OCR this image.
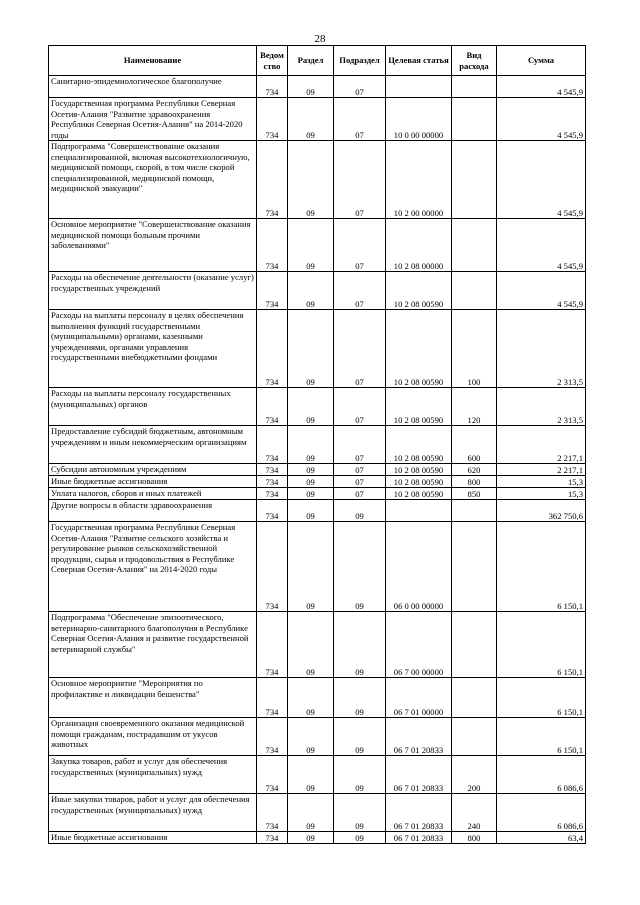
28
Наименование	Ведом ство	Раздел	Подраздел	Целевая статья	Вид расхода	Сумма
Санитарно-эпидемиологическое благополучие	734	09	07			4 545,9
Государственная программа Республики Северная Осетия-Алания "Развитие здравоохранения Республики Северная Осетия-Алания" на 2014-2020 годы	734	09	07	10 0 00 00000		4 545,9
Подпрограмма "Совершенствование оказания специализированной, включая высокотехнологичную, медицинской помощи, скорой, в том числе скорой специализированной, медицинской помощи, медицинской эвакуации"	734	09	07	10 2 00 00000		4 545,9
Основное мероприятие "Совершенствование оказания медицинской помощи больным прочими заболеваниями"	734	09	07	10 2 08 00000		4 545,9
Расходы на обеспечение деятельности (оказание услуг) государственных учреждений	734	09	07	10 2 08 00590		4 545,9
Расходы на выплаты персоналу в целях обеспечения выполнения функций государственными (муниципальными) органами, казенными учреждениями, органами управления государственными внебюджетными фондами	734	09	07	10 2 08 00590	100	2 313,5
Расходы на выплаты персоналу государственных (муниципальных) органов	734	09	07	10 2 08 00590	120	2 313,5
Предоставление субсидий бюджетным, автономным учреждениям и иным некоммерческим организациям	734	09	07	10 2 08 00590	600	2 217,1
Субсидии автономным учреждениям	734	09	07	10 2 08 00590	620	2 217,1
Иные бюджетные ассигнования	734	09	07	10 2 08 00590	800	15,3
Уплата налогов, сборов и иных платежей	734	09	07	10 2 08 00590	850	15,3
Другие вопросы в области здравоохранения	734	09	09			362 750,6
Государственная программа Республики Северная Осетия-Алания "Развитие сельского хозяйства и регулирование рынков сельскохозяйственной продукции, сырья и продовольствия в Республике Северная Осетия-Алания" на 2014-2020 годы	734	09	09	06 0 00 00000		6 150,1
Подпрограмма "Обеспечение эпизоотического, ветеринарно-санитарного благополучия в Республике Северная Осетия-Алания и развитие государственной ветеринарной службы"	734	09	09	06 7 00 00000		6 150,1
Основное мероприятие "Мероприятия по профилактике и ликвидации бешенства"	734	09	09	06 7 01 00000		6 150,1
Организация своевременного оказания медицинской помощи гражданам, пострадавшим от укусов животных	734	09	09	06 7 01 20833		6 150,1
Закупка товаров, работ и услуг для обеспечения государственных (муниципальных) нужд	734	09	09	06 7 01 20833	200	6 086,6
Иные закупки товаров, работ и услуг для обеспечения государственных (муниципальных) нужд	734	09	09	06 7 01 20833	240	6 086,6
Иные бюджетные ассигнования	734	09	09	06 7 01 20833	800	63,4
